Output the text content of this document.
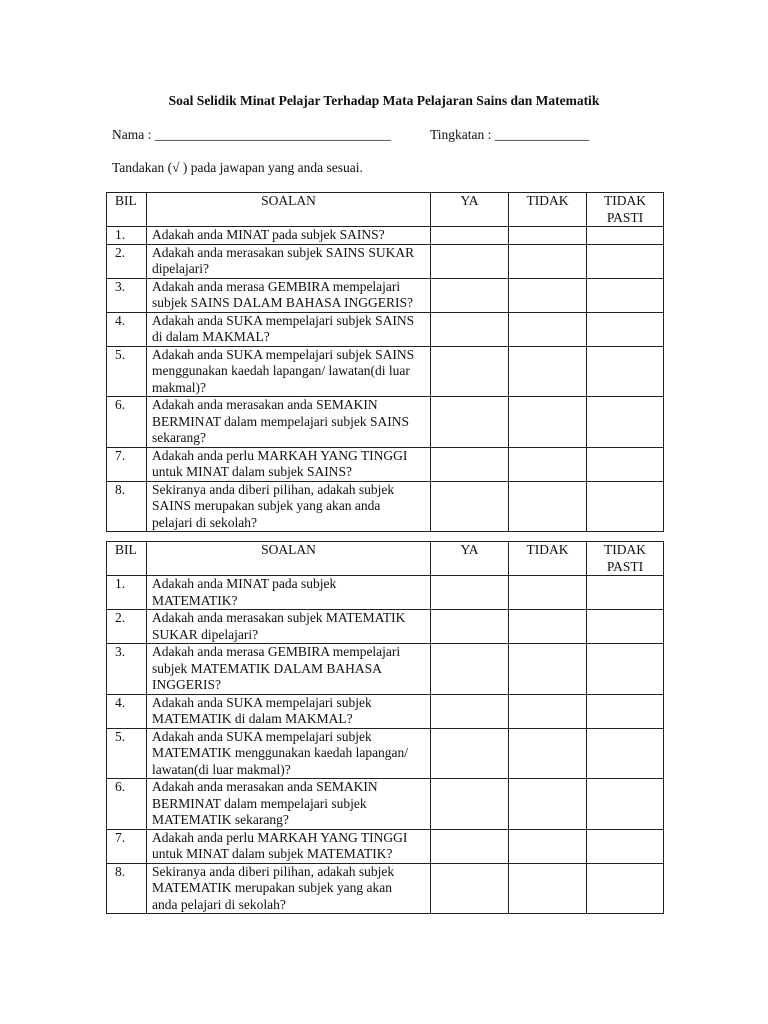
Soal Selidik Minat Pelajar Terhadap Mata Pelajaran Sains dan Matematik
Nama : ___________________________________	Tingkatan : ______________
Tandakan (√ ) pada jawapan yang anda sesuai.
BIL	SOALAN	YA	TIDAK	TIDAK
PASTI
1.	Adakah anda MINAT pada subjek SAINS?			

2.	Adakah anda merasakan subjek SAINS SUKAR
dipelajari?			

3.	Adakah anda merasa GEMBIRA mempelajari
subjek SAINS DALAM BAHASA INGGERIS?			

4.	Adakah anda SUKA mempelajari subjek SAINS
di dalam MAKMAL?			

5.	Adakah anda SUKA mempelajari subjek SAINS
menggunakan kaedah lapangan/ lawatan(di luar
makmal)?			

6.	Adakah anda merasakan anda SEMAKIN
BERMINAT dalam mempelajari subjek SAINS
sekarang?			

7.	Adakah anda perlu MARKAH YANG TINGGI
untuk MINAT dalam subjek SAINS?			

8.	Sekiranya anda diberi pilihan, adakah subjek
SAINS merupakan subjek yang akan anda
pelajari di sekolah?			

BIL	SOALAN	YA	TIDAK	TIDAK
PASTI
1.	Adakah anda MINAT pada subjek
MATEMATIK?			

2.	Adakah anda merasakan subjek MATEMATIK
SUKAR dipelajari?			

3.	Adakah anda merasa GEMBIRA mempelajari
subjek MATEMATIK DALAM BAHASA
INGGERIS?			

4.	Adakah anda SUKA mempelajari subjek
MATEMATIK di dalam MAKMAL?			

5.	Adakah anda SUKA mempelajari subjek
MATEMATIK menggunakan kaedah lapangan/
lawatan(di luar makmal)?			

6.	Adakah anda merasakan anda SEMAKIN
BERMINAT dalam mempelajari subjek
MATEMATIK sekarang?			

7.	Adakah anda perlu MARKAH YANG TINGGI
untuk MINAT dalam subjek MATEMATIK?			

8.	Sekiranya anda diberi pilihan, adakah subjek
MATEMATIK merupakan subjek yang akan
anda pelajari di sekolah?			
